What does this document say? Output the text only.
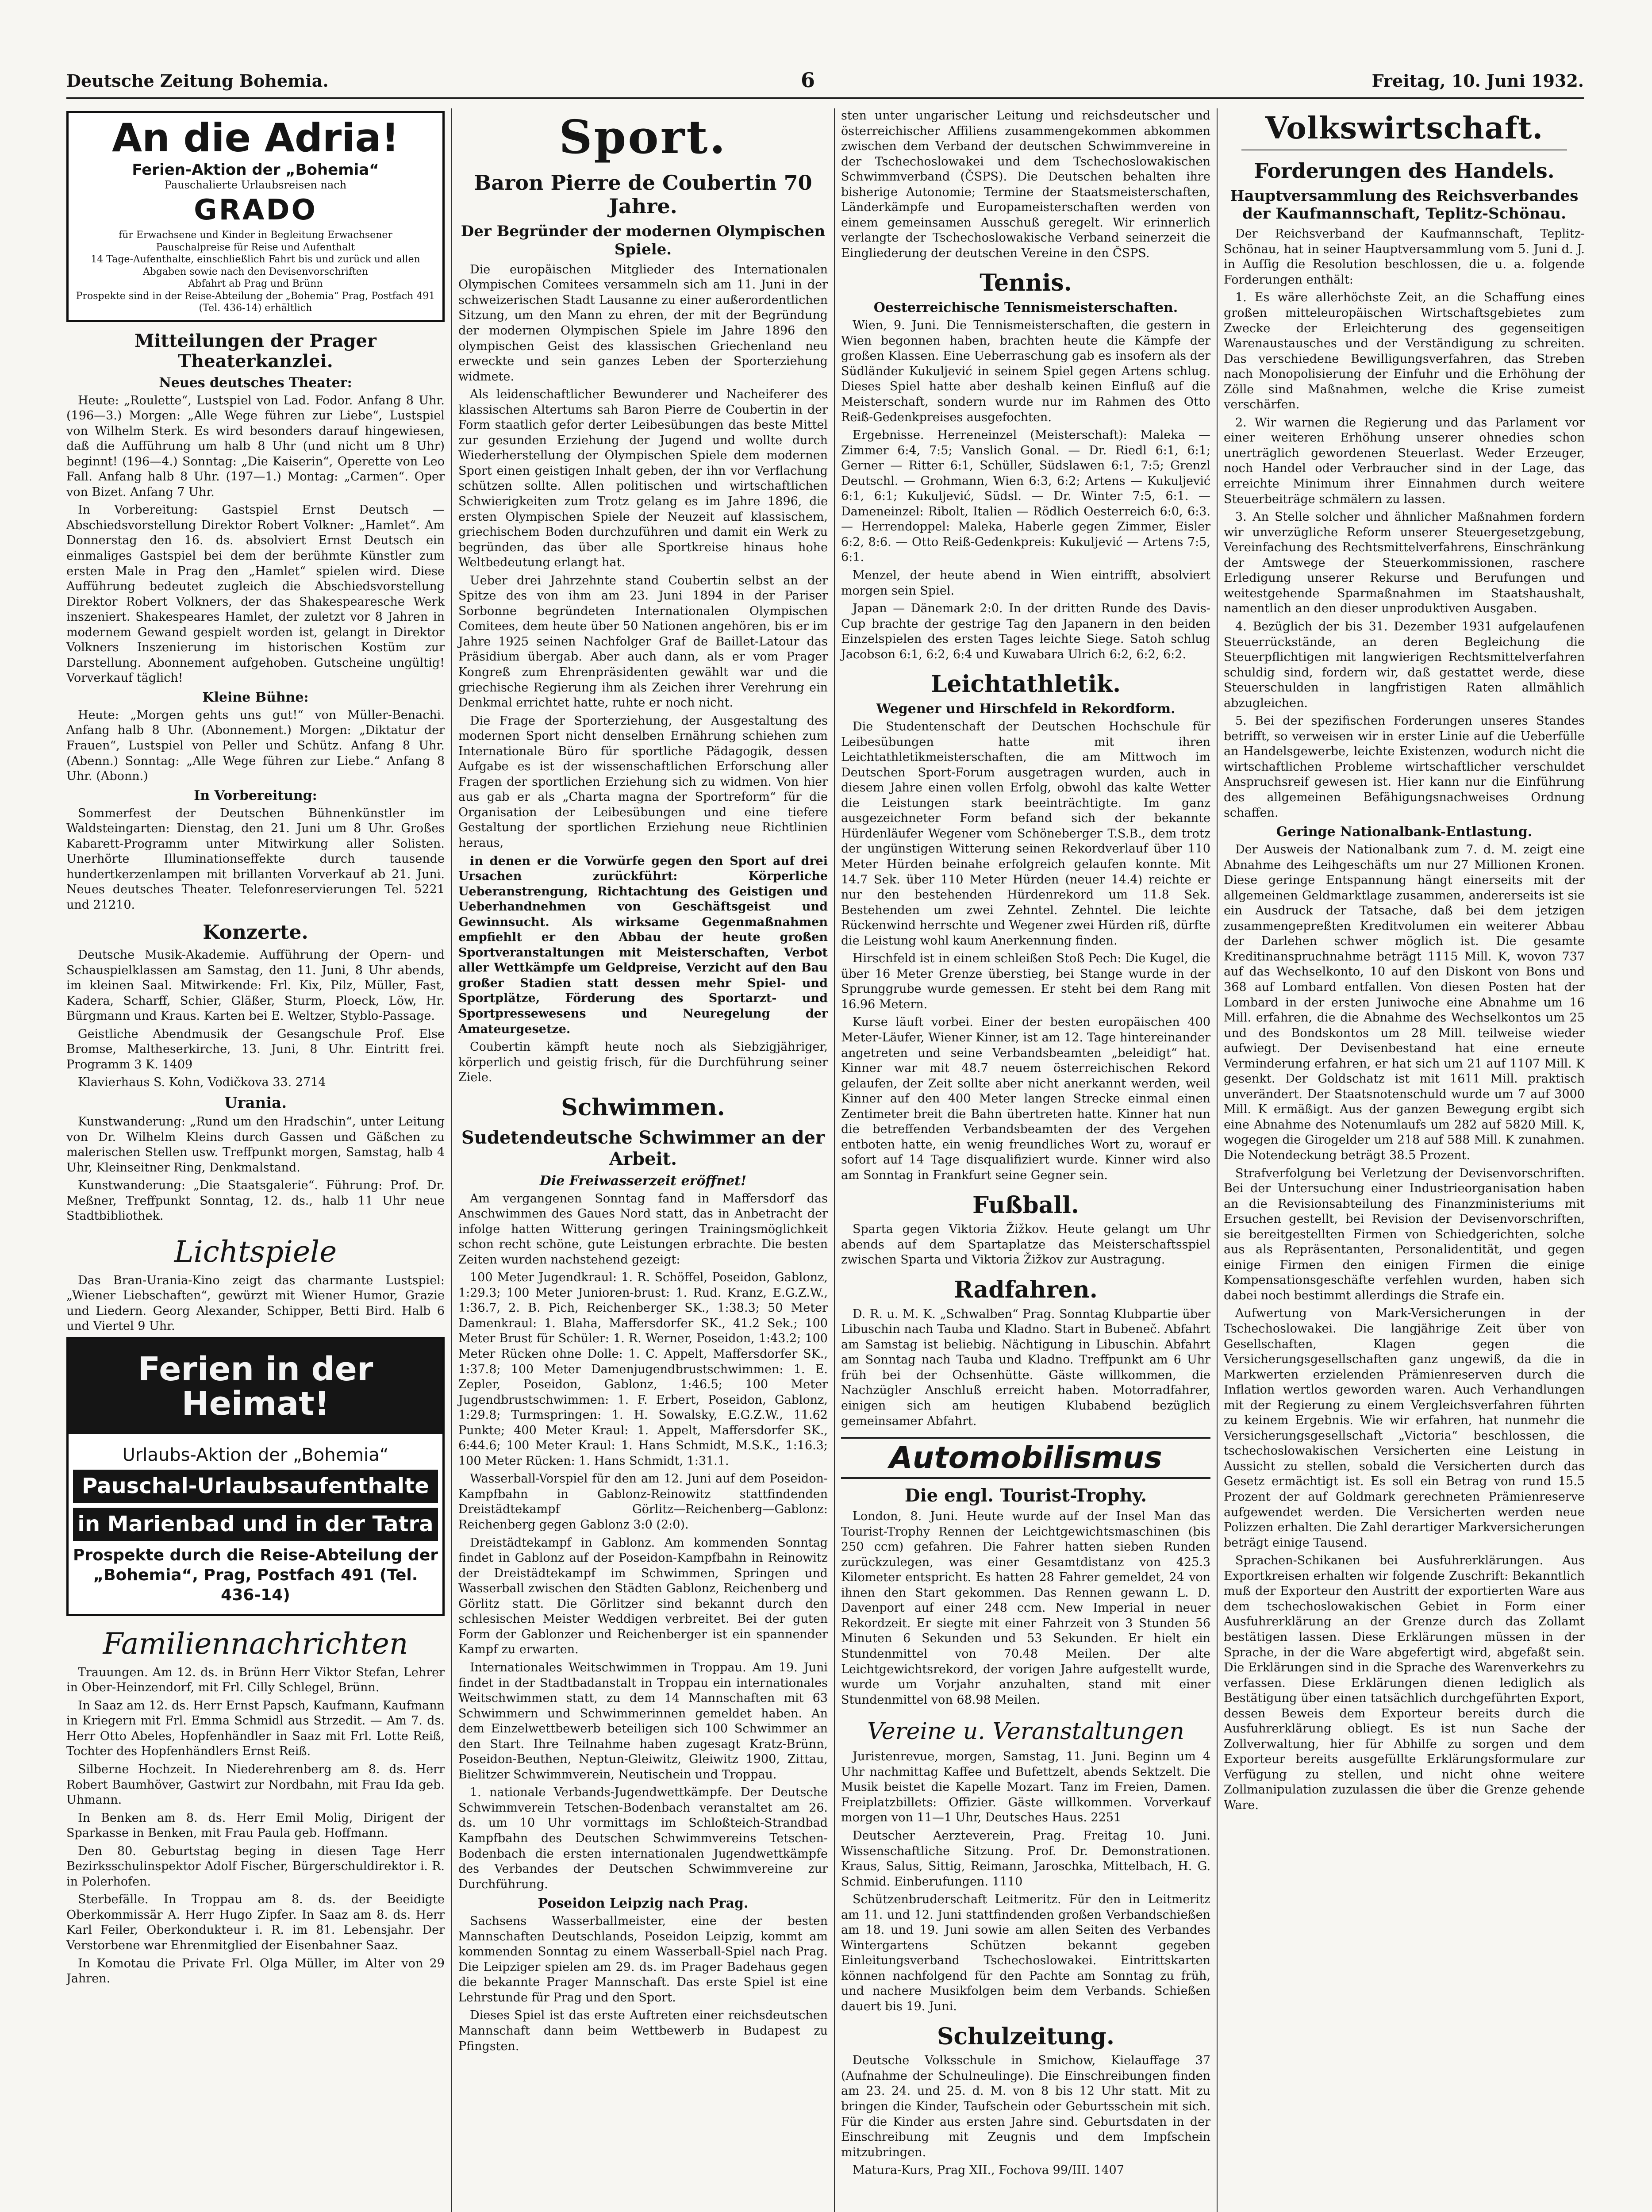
Deutsche Zeitung Bohemia.	6	Freitag, 10. Juni 1932.
An die Adria!
Ferien-Aktion der „Bohemia“
Pauschalierte Urlaubsreisen nach
GRADO
für Erwachsene und Kinder in Begleitung Erwachsener
Pauschalpreise für Reise und Aufenthalt
14 Tage-Aufenthalte, einschließlich Fahrt bis und zurück und allen Abgaben sowie nach den Devisenvorschriften
Abfahrt ab Prag und Brünn
Prospekte sind in der Reise-Abteilung der „Bohemia“ Prag, Postfach 491 (Tel. 436-14) erhältlich
Mitteilungen der Prager Theaterkanzlei.
Neues deutsches Theater:

Heute: „Roulette“, Lustspiel von Lad. Fodor. Anfang 8 Uhr. (196—3.) Morgen: „Alle Wege führen zur Liebe“, Lustspiel von Wilhelm Sterk. Es wird besonders darauf hingewiesen, daß die Aufführung um halb 8 Uhr (und nicht um 8 Uhr) beginnt! (196—4.) Sonntag: „Die Kaiserin“, Operette von Leo Fall. Anfang halb 8 Uhr. (197—1.) Montag: „Carmen“. Oper von Bizet. Anfang 7 Uhr.

In Vorbereitung: Gastspiel Ernst Deutsch — Abschiedsvorstellung Direktor Robert Volkner: „Hamlet“. Am Donnerstag den 16. ds. absolviert Ernst Deutsch ein einmaliges Gastspiel bei dem der berühmte Künstler zum ersten Male in Prag den „Hamlet“ spielen wird. Diese Aufführung bedeutet zugleich die Abschiedsvorstellung Direktor Robert Volkners, der das Shakespearesche Werk inszeniert. Shakespeares Hamlet, der zuletzt vor 8 Jahren in modernem Gewand gespielt worden ist, gelangt in Direktor Volkners Inszenierung im historischen Kostüm zur Darstellung. Abonnement aufgehoben. Gutscheine ungültig! Vorverkauf täglich!

Kleine Bühne:

Heute: „Morgen gehts uns gut!“ von Müller-Benachi. Anfang halb 8 Uhr. (Abonnement.) Morgen: „Diktatur der Frauen“, Lustspiel von Peller und Schütz. Anfang 8 Uhr. (Abenn.) Sonntag: „Alle Wege führen zur Liebe.“ Anfang 8 Uhr. (Abonn.)

In Vorbereitung:

Sommerfest der Deutschen Bühnenkünstler im Waldsteingarten: Dienstag, den 21. Juni um 8 Uhr. Großes Kabarett-Programm unter Mitwirkung aller Solisten. Unerhörte Illuminationseffekte durch tausende hundertkerzenlampen mit brillanten Vorverkauf ab 21. Juni. Neues deutsches Theater. Telefonreservierungen Tel. 5221 und 21210.

Konzerte.

Deutsche Musik-Akademie. Aufführung der Opern- und Schauspielklassen am Samstag, den 11. Juni, 8 Uhr abends, im kleinen Saal. Mitwirkende: Frl. Kix, Pilz, Müller, Fast, Kadera, Scharff, Schier, Gläßer, Sturm, Ploeck, Löw, Hr. Bürgmann und Kraus. Karten bei E. Weltzer, Styblo-Passage.

Geistliche Abendmusik der Gesangschule Prof. Else Bromse, Maltheserkirche, 13. Juni, 8 Uhr. Eintritt frei. Programm 3 K. 1409

Klavierhaus S. Kohn, Vodičkova 33. 2714

Urania.

Kunstwanderung: „Rund um den Hradschin“, unter Leitung von Dr. Wilhelm Kleins durch Gassen und Gäßchen zu malerischen Stellen usw. Treffpunkt morgen, Samstag, halb 4 Uhr, Kleinseitner Ring, Denkmalstand.

Kunstwanderung: „Die Staatsgalerie“. Führung: Prof. Dr. Meßner, Treffpunkt Sonntag, 12. ds., halb 11 Uhr neue Stadtbibliothek.

Lichtspiele

Das Bran-Urania-Kino zeigt das charmante Lustspiel: „Wiener Liebschaften“, gewürzt mit Wiener Humor, Grazie und Liedern. Georg Alexander, Schipper, Betti Bird. Halb 6 und Viertel 9 Uhr.

Ferien in der Heimat!
Urlaubs-Aktion der „Bohemia“
Pauschal-Urlaubsaufenthalte
in Marienbad und in der Tatra
Prospekte durch die Reise-Abteilung der „Bohemia“, Prag, Postfach 491 (Tel. 436-14)
Familiennachrichten

Trauungen. Am 12. ds. in Brünn Herr Viktor Stefan, Lehrer in Ober-Heinzendorf, mit Frl. Cilly Schlegel, Brünn.

In Saaz am 12. ds. Herr Ernst Papsch, Kaufmann, Kaufmann in Kriegern mit Frl. Emma Schmidl aus Strzedit. — Am 7. ds. Herr Otto Abeles, Hopfenhändler in Saaz mit Frl. Lotte Reiß, Tochter des Hopfenhändlers Ernst Reiß.

Silberne Hochzeit. In Niederehrenberg am 8. ds. Herr Robert Baumhöver, Gastwirt zur Nordbahn, mit Frau Ida geb. Uhmann.

In Benken am 8. ds. Herr Emil Molig, Dirigent der Sparkasse in Benken, mit Frau Paula geb. Hoffmann.

Den 80. Geburtstag beging in diesen Tage Herr Bezirksschulinspektor Adolf Fischer, Bürgerschuldirektor i. R. in Polerhofen.

Sterbefälle. In Troppau am 8. ds. der Beeidigte Oberkommissär A. Herr Hugo Zipfer. In Saaz am 8. ds. Herr Karl Feiler, Oberkondukteur i. R. im 81. Lebensjahr. Der Verstorbene war Ehrenmitglied der Eisenbahner Saaz.

In Komotau die Private Frl. Olga Müller, im Alter von 29 Jahren.

Sport.
Baron Pierre de Coubertin 70 Jahre.
Der Begründer der modernen Olympischen Spiele.

Die europäischen Mitglieder des Internationalen Olympischen Comitees versammeln sich am 11. Juni in der schweizerischen Stadt Lausanne zu einer außerordentlichen Sitzung, um den Mann zu ehren, der mit der Begründung der modernen Olympischen Spiele im Jahre 1896 den olympischen Geist des klassischen Griechenland neu erweckte und sein ganzes Leben der Sporterziehung widmete.

Als leidenschaftlicher Bewunderer und Nacheiferer des klassischen Altertums sah Baron Pierre de Coubertin in der Form staatlich gefor derter Leibesübungen das beste Mittel zur gesunden Erziehung der Jugend und wollte durch Wiederherstellung der Olympischen Spiele dem modernen Sport einen geistigen Inhalt geben, der ihn vor Verflachung schützen sollte. Allen politischen und wirtschaftlichen Schwierigkeiten zum Trotz gelang es im Jahre 1896, die ersten Olympischen Spiele der Neuzeit auf klassischem, griechischem Boden durchzuführen und damit ein Werk zu begründen, das über alle Sportkreise hinaus hohe Weltbedeutung erlangt hat.

Ueber drei Jahrzehnte stand Coubertin selbst an der Spitze des von ihm am 23. Juni 1894 in der Pariser Sorbonne begründeten Internationalen Olympischen Comitees, dem heute über 50 Nationen angehören, bis er im Jahre 1925 seinen Nachfolger Graf de Baillet-Latour das Präsidium übergab. Aber auch dann, als er vom Prager Kongreß zum Ehrenpräsidenten gewählt war und die griechische Regierung ihm als Zeichen ihrer Verehrung ein Denkmal errichtet hatte, ruhte er noch nicht.

Die Frage der Sporterziehung, der Ausgestaltung des modernen Sport nicht denselben Ernährung schiehen zum Internationale Büro für sportliche Pädagogik, dessen Aufgabe es ist der wissenschaftlichen Erforschung aller Fragen der sportlichen Erziehung sich zu widmen. Von hier aus gab er als „Charta magna der Sportreform“ für die Organisation der Leibesübungen und eine tiefere Gestaltung der sportlichen Erziehung neue Richtlinien heraus,

in denen er die Vorwürfe gegen den Sport auf drei Ursachen zurückführt: Körperliche Ueberanstrengung, Richtachtung des Geistigen und Ueberhandnehmen von Geschäftsgeist und Gewinnsucht. Als wirksame Gegenmaßnahmen empfiehlt er den Abbau der heute großen Sportveranstaltungen mit Meisterschaften, Verbot aller Wettkämpfe um Geldpreise, Verzicht auf den Bau großer Stadien statt dessen mehr Spiel- und Sportplätze, Förderung des Sportarzt- und Sportpressewesens und Neuregelung der Amateurgesetze.

Coubertin kämpft heute noch als Siebzigjähriger, körperlich und geistig frisch, für die Durchführung seiner Ziele.

Schwimmen.
Sudetendeutsche Schwimmer an der Arbeit.
Die Freiwasserzeit eröffnet!

Am vergangenen Sonntag fand in Maffersdorf das Anschwimmen des Gaues Nord statt, das in Anbetracht der infolge hatten Witterung geringen Trainingsmöglichkeit schon recht schöne, gute Leistungen erbrachte. Die besten Zeiten wurden nachstehend gezeigt:

100 Meter Jugendkraul: 1. R. Schöffel, Poseidon, Gablonz, 1:29.3; 100 Meter Junioren-brust: 1. Rud. Kranz, E.G.Z.W., 1:36.7, 2. B. Pich, Reichenberger SK., 1:38.3; 50 Meter Damenkraul: 1. Blaha, Maffersdorfer SK., 41.2 Sek.; 100 Meter Brust für Schüler: 1. R. Werner, Poseidon, 1:43.2; 100 Meter Rücken ohne Dolle: 1. C. Appelt, Maffersdorfer SK., 1:37.8; 100 Meter Damenjugendbrustschwimmen: 1. E. Zepler, Poseidon, Gablonz, 1:46.5; 100 Meter Jugendbrustschwimmen: 1. F. Erbert, Poseidon, Gablonz, 1:29.8; Turmspringen: 1. H. Sowalsky, E.G.Z.W., 11.62 Punkte; 400 Meter Kraul: 1. Appelt, Maffersdorfer SK., 6:44.6; 100 Meter Kraul: 1. Hans Schmidt, M.S.K., 1:16.3; 100 Meter Rücken: 1. Hans Schmidt, 1:31.1.

Wasserball-Vorspiel für den am 12. Juni auf dem Poseidon-Kampfbahn in Gablonz-Reinowitz stattfindenden Dreistädtekampf Görlitz—Reichenberg—Gablonz: Reichenberg gegen Gablonz 3:0 (2:0).

Dreistädtekampf in Gablonz. Am kommenden Sonntag findet in Gablonz auf der Poseidon-Kampfbahn in Reinowitz der Dreistädtekampf im Schwimmen, Springen und Wasserball zwischen den Städten Gablonz, Reichenberg und Görlitz statt. Die Görlitzer sind bekannt durch den schlesischen Meister Weddigen verbreitet. Bei der guten Form der Gablonzer und Reichenberger ist ein spannender Kampf zu erwarten.

Internationales Weitschwimmen in Troppau. Am 19. Juni findet in der Stadtbadanstalt in Troppau ein internationales Weitschwimmen statt, zu dem 14 Mannschaften mit 63 Schwimmern und Schwimmerinnen gemeldet haben. An dem Einzelwettbewerb beteiligen sich 100 Schwimmer an den Start. Ihre Teilnahme haben zugesagt Kratz-Brünn, Poseidon-Beuthen, Neptun-Gleiwitz, Gleiwitz 1900, Zittau, Bielitzer Schwimmverein, Neutischein und Troppau.

1. nationale Verbands-Jugendwettkämpfe. Der Deutsche Schwimmverein Tetschen-Bodenbach veranstaltet am 26. ds. um 10 Uhr vormittags im Schloßteich-Strandbad Kampfbahn des Deutschen Schwimmvereins Tetschen-Bodenbach die ersten internationalen Jugendwettkämpfe des Verbandes der Deutschen Schwimmvereine zur Durchführung.

Poseidon Leipzig nach Prag.

Sachsens Wasserballmeister, eine der besten Mannschaften Deutschlands, Poseidon Leipzig, kommt am kommenden Sonntag zu einem Wasserball-Spiel nach Prag. Die Leipziger spielen am 29. ds. im Prager Badehaus gegen die bekannte Prager Mannschaft. Das erste Spiel ist eine Lehrstunde für Prag und den Sport.

Dieses Spiel ist das erste Auftreten einer reichsdeutschen Mannschaft dann beim Wettbewerb in Budapest zu Pfingsten.

sten unter ungarischer Leitung und reichsdeutscher und österreichischer Affiliens zusammengekommen abkommen zwischen dem Verband der deutschen Schwimmvereine in der Tschechoslowakei und dem Tschechoslowakischen Schwimmverband (ČSPS). Die Deutschen behalten ihre bisherige Autonomie; Termine der Staatsmeisterschaften, Länderkämpfe und Europameisterschaften werden von einem gemeinsamen Ausschuß geregelt. Wir erinnerlich verlangte der Tschechoslowakische Verband seinerzeit die Eingliederung der deutschen Vereine in den ČSPS.

Tennis.
Oesterreichische Tennismeisterschaften.

Wien, 9. Juni. Die Tennismeisterschaften, die gestern in Wien begonnen haben, brachten heute die Kämpfe der großen Klassen. Eine Ueberraschung gab es insofern als der Südländer Kukuljević in seinem Spiel gegen Artens schlug. Dieses Spiel hatte aber deshalb keinen Einfluß auf die Meisterschaft, sondern wurde nur im Rahmen des Otto Reiß-Gedenkpreises ausgefochten.

Ergebnisse. Herreneinzel (Meisterschaft): Maleka — Zimmer 6:4, 7:5; Vanslich Gonal. — Dr. Riedl 6:1, 6:1; Gerner — Ritter 6:1, Schüller, Südslawen 6:1, 7:5; Grenzl Deutschl. — Grohmann, Wien 6:3, 6:2; Artens — Kukuljević 6:1, 6:1; Kukuljević, Südsl. — Dr. Winter 7:5, 6:1. — Dameneinzel: Ribolt, Italien — Rödlich Oesterreich 6:0, 6:3. — Herrendoppel: Maleka, Haberle gegen Zimmer, Eisler 6:2, 8:6. — Otto Reiß-Gedenkpreis: Kukuljević — Artens 7:5, 6:1.

Menzel, der heute abend in Wien eintrifft, absolviert morgen sein Spiel.

Japan — Dänemark 2:0. In der dritten Runde des Davis-Cup brachte der gestrige Tag den Japanern in den beiden Einzelspielen des ersten Tages leichte Siege. Satoh schlug Jacobson 6:1, 6:2, 6:4 und Kuwabara Ulrich 6:2, 6:2, 6:2.

Leichtathletik.
Wegener und Hirschfeld in Rekordform.

Die Studentenschaft der Deutschen Hochschule für Leibesübungen hatte mit ihren Leichtathletikmeisterschaften, die am Mittwoch im Deutschen Sport-Forum ausgetragen wurden, auch in diesem Jahre einen vollen Erfolg, obwohl das kalte Wetter die Leistungen stark beeinträchtigte. Im ganz ausgezeichneter Form befand sich der bekannte Hürdenläufer Wegener vom Schöneberger T.S.B., dem trotz der ungünstigen Witterung seinen Rekordverlauf über 110 Meter Hürden beinahe erfolgreich gelaufen konnte. Mit 14.7 Sek. über 110 Meter Hürden (neuer 14.4) reichte er nur den bestehenden Hürdenrekord um 11.8 Sek. Bestehenden um zwei Zehntel. Zehntel. Die leichte Rückenwind herrschte und Wegener zwei Hürden riß, dürfte die Leistung wohl kaum Anerkennung finden.

Hirschfeld ist in einem schleißen Stoß Pech: Die Kugel, die über 16 Meter Grenze überstieg, bei Stange wurde in der Sprunggrube wurde gemessen. Er steht bei dem Rang mit 16.96 Metern.

Kurse läuft vorbei. Einer der besten europäischen 400 Meter-Läufer, Wiener Kinner, ist am 12. Tage hintereinander angetreten und seine Verbandsbeamten „beleidigt“ hat. Kinner war mit 48.7 neuem österreichischen Rekord gelaufen, der Zeit sollte aber nicht anerkannt werden, weil Kinner auf den 400 Meter langen Strecke einmal einen Zentimeter breit die Bahn übertreten hatte. Kinner hat nun die betreffenden Verbandsbeamten der des Vergehen entboten hatte, ein wenig freundliches Wort zu, worauf er sofort auf 14 Tage disqualifiziert wurde. Kinner wird also am Sonntag in Frankfurt seine Gegner sein.

Fußball.

Sparta gegen Viktoria Žižkov. Heute gelangt um Uhr abends auf dem Spartaplatze das Meisterschaftsspiel zwischen Sparta und Viktoria Žižkov zur Austragung.

Radfahren.

D. R. u. M. K. „Schwalben“ Prag. Sonntag Klubpartie über Libuschin nach Tauba und Kladno. Start in Bubeneč. Abfahrt am Samstag ist beliebig. Nächtigung in Libuschin. Abfahrt am Sonntag nach Tauba und Kladno. Treffpunkt am 6 Uhr früh bei der Ochsenhütte. Gäste willkommen, die Nachzügler Anschluß erreicht haben. Motorradfahrer, einigen sich am heutigen Klubabend bezüglich gemeinsamer Abfahrt.

Automobilismus
Die engl. Tourist-Trophy.

London, 8. Juni. Heute wurde auf der Insel Man das Tourist-Trophy Rennen der Leichtgewichtsmaschinen (bis 250 ccm) gefahren. Die Fahrer hatten sieben Runden zurückzulegen, was einer Gesamtdistanz von 425.3 Kilometer entspricht. Es hatten 28 Fahrer gemeldet, 24 von ihnen den Start gekommen. Das Rennen gewann L. D. Davenport auf einer 248 ccm. New Imperial in neuer Rekordzeit. Er siegte mit einer Fahrzeit von 3 Stunden 56 Minuten 6 Sekunden und 53 Sekunden. Er hielt ein Stundenmittel von 70.48 Meilen. Der alte Leichtgewichtsrekord, der vorigen Jahre aufgestellt wurde, wurde um Vorjahr anzuhalten, stand mit einer Stundenmittel von 68.98 Meilen.

Vereine u. Veranstaltungen

Juristenrevue, morgen, Samstag, 11. Juni. Beginn um 4 Uhr nachmittag Kaffee und Bufettzelt, abends Sektzelt. Die Musik beistet die Kapelle Mozart. Tanz im Freien, Damen. Freiplatzbillets: Offizier. Gäste willkommen. Vorverkauf morgen von 11—1 Uhr, Deutsches Haus. 2251

Deutscher Aerzteverein, Prag. Freitag 10. Juni. Wissenschaftliche Sitzung. Prof. Dr. Demonstrationen. Kraus, Salus, Sittig, Reimann, Jaroschka, Mittelbach, H. G. Schmid. Einberufungen. 1110

Schützenbruderschaft Leitmeritz. Für den in Leitmeritz am 11. und 12. Juni stattfindenden großen Verbandschießen am 18. und 19. Juni sowie am allen Seiten des Verbandes Wintergartens Schützen bekannt gegeben Einleitungsverband Tschechoslowakei. Eintrittskarten können nachfolgend für den Pachte am Sonntag zu früh, und nachere Musikfolgen beim dem Verbands. Schießen dauert bis 19. Juni.

Schulzeitung.

Deutsche Volksschule in Smichow, Kielauffage 37 (Aufnahme der Schulneulinge). Die Einschreibungen finden am 23. 24. und 25. d. M. von 8 bis 12 Uhr statt. Mit zu bringen die Kinder, Taufschein oder Geburtsschein mit sich. Für die Kinder aus ersten Jahre sind. Geburtsdaten in der Einschreibung mit Zeugnis und dem Impfschein mitzubringen.

Matura-Kurs, Prag XII., Fochova 99/III. 1407

Volkswirtschaft.
Forderungen des Handels.
Hauptversammlung des Reichsverbandes der Kaufmannschaft, Teplitz-Schönau.

Der Reichsverband der Kaufmannschaft, Teplitz-Schönau, hat in seiner Hauptversammlung vom 5. Juni d. J. in Auſſig die Resolution beschlossen, die u. a. folgende Forderungen enthält:

1. Es wäre allerhöchste Zeit, an die Schaffung eines großen mitteleuropäischen Wirtschaftsgebietes zum Zwecke der Erleichterung des gegenseitigen Warenaustausches und der Verständigung zu schreiten. Das verschiedene Bewilligungsverfahren, das Streben nach Monopolisierung der Einfuhr und die Erhöhung der Zölle sind Maßnahmen, welche die Krise zumeist verschärfen.

2. Wir warnen die Regierung und das Parlament vor einer weiteren Erhöhung unserer ohnedies schon unerträglich gewordenen Steuerlast. Weder Erzeuger, noch Handel oder Verbraucher sind in der Lage, das erreichte Minimum ihrer Einnahmen durch weitere Steuerbeiträge schmälern zu lassen.

3. An Stelle solcher und ähnlicher Maßnahmen fordern wir unverzügliche Reform unserer Steuergesetzgebung, Vereinfachung des Rechtsmittelverfahrens, Einschränkung der Amtswege der Steuerkommissionen, raschere Erledigung unserer Rekurse und Berufungen und weitestgehende Sparmaßnahmen im Staatshaushalt, namentlich an den dieser unproduktiven Ausgaben.

4. Bezüglich der bis 31. Dezember 1931 aufgelaufenen Steuerrückstände, an deren Begleichung die Steuerpflichtigen mit langwierigen Rechtsmittelverfahren schuldig sind, fordern wir, daß gestattet werde, diese Steuerschulden in langfristigen Raten allmählich abzugleichen.

5. Bei der spezifischen Forderungen unseres Standes betrifft, so verweisen wir in erster Linie auf die Ueberfülle an Handelsgewerbe, leichte Existenzen, wodurch nicht die wirtschaftlichen Probleme wirtschaftlicher verschuldet Anspruchsreif gewesen ist. Hier kann nur die Einführung des allgemeinen Befähigungsnachweises Ordnung schaffen.

Geringe Nationalbank-Entlastung.

Der Ausweis der Nationalbank zum 7. d. M. zeigt eine Abnahme des Leihgeschäfts um nur 27 Millionen Kronen. Diese geringe Entspannung hängt einerseits mit der allgemeinen Geldmarktlage zusammen, andererseits ist sie ein Ausdruck der Tatsache, daß bei dem jetzigen zusammengepreßten Kreditvolumen ein weiterer Abbau der Darlehen schwer möglich ist. Die gesamte Kreditinanspruchnahme beträgt 1115 Mill. K, wovon 737 auf das Wechselkonto, 10 auf den Diskont von Bons und 368 auf Lombard entfallen. Von diesen Posten hat der Lombard in der ersten Juniwoche eine Abnahme um 16 Mill. erfahren, die die Abnahme des Wechselkontos um 25 und des Bondskontos um 28 Mill. teilweise wieder aufwiegt. Der Devisenbestand hat eine erneute Verminderung erfahren, er hat sich um 21 auf 1107 Mill. K gesenkt. Der Goldschatz ist mit 1611 Mill. praktisch unverändert. Der Staatsnotenschuld wurde um 7 auf 3000 Mill. K ermäßigt. Aus der ganzen Bewegung ergibt sich eine Abnahme des Notenumlaufs um 282 auf 5820 Mill. K, wogegen die Girogelder um 218 auf 588 Mill. K zunahmen. Die Notendeckung beträgt 38.5 Prozent.

Strafverfolgung bei Verletzung der Devisenvorschriften. Bei der Untersuchung einer Industrieorganisation haben an die Revisionsabteilung des Finanzministeriums mit Ersuchen gestellt, bei Revision der Devisenvorschriften, sie bereitgestellten Firmen von Schiedgerichten, solche aus als Repräsentanten, Personalidentität, und gegen einige Firmen den einigen Firmen die einige Kompensationsgeschäfte verfehlen wurden, haben sich dabei noch bestimmt allerdings die Strafe ein.

Aufwertung von Mark-Versicherungen in der Tschechoslowakei. Die langjährige Zeit über von Gesellschaften, Klagen gegen die Versicherungsgesellschaften ganz ungewiß, da die in Markwerten erzielenden Prämienreserven durch die Inflation wertlos geworden waren. Auch Verhandlungen mit der Regierung zu einem Vergleichsverfahren führten zu keinem Ergebnis. Wie wir erfahren, hat nunmehr die Versicherungsgesellschaft „Victoria“ beschlossen, die tschechoslowakischen Versicherten eine Leistung in Aussicht zu stellen, sobald die Versicherten durch das Gesetz ermächtigt ist. Es soll ein Betrag von rund 15.5 Prozent der auf Goldmark gerechneten Prämienreserve aufgewendet werden. Die Versicherten werden neue Polizzen erhalten. Die Zahl derartiger Markversicherungen beträgt einige Tausend.

Sprachen-Schikanen bei Ausfuhrerklärungen. Aus Exportkreisen erhalten wir folgende Zuschrift: Bekanntlich muß der Exporteur den Austritt der exportierten Ware aus dem tschechoslowakischen Gebiet in Form einer Ausfuhrerklärung an der Grenze durch das Zollamt bestätigen lassen. Diese Erklärungen müssen in der Sprache, in der die Ware abgefertigt wird, abgefaßt sein. Die Erklärungen sind in die Sprache des Warenverkehrs zu verfassen. Diese Erklärungen dienen lediglich als Bestätigung über einen tatsächlich durchgeführten Export, dessen Beweis dem Exporteur bereits durch die Ausfuhrerklärung obliegt. Es ist nun Sache der Zollverwaltung, hier für Abhilfe zu sorgen und dem Exporteur bereits ausgefüllte Erklärungsformulare zur Verfügung zu stellen, und nicht ohne weitere Zollmanipulation zuzulassen die über die Grenze gehende Ware.
